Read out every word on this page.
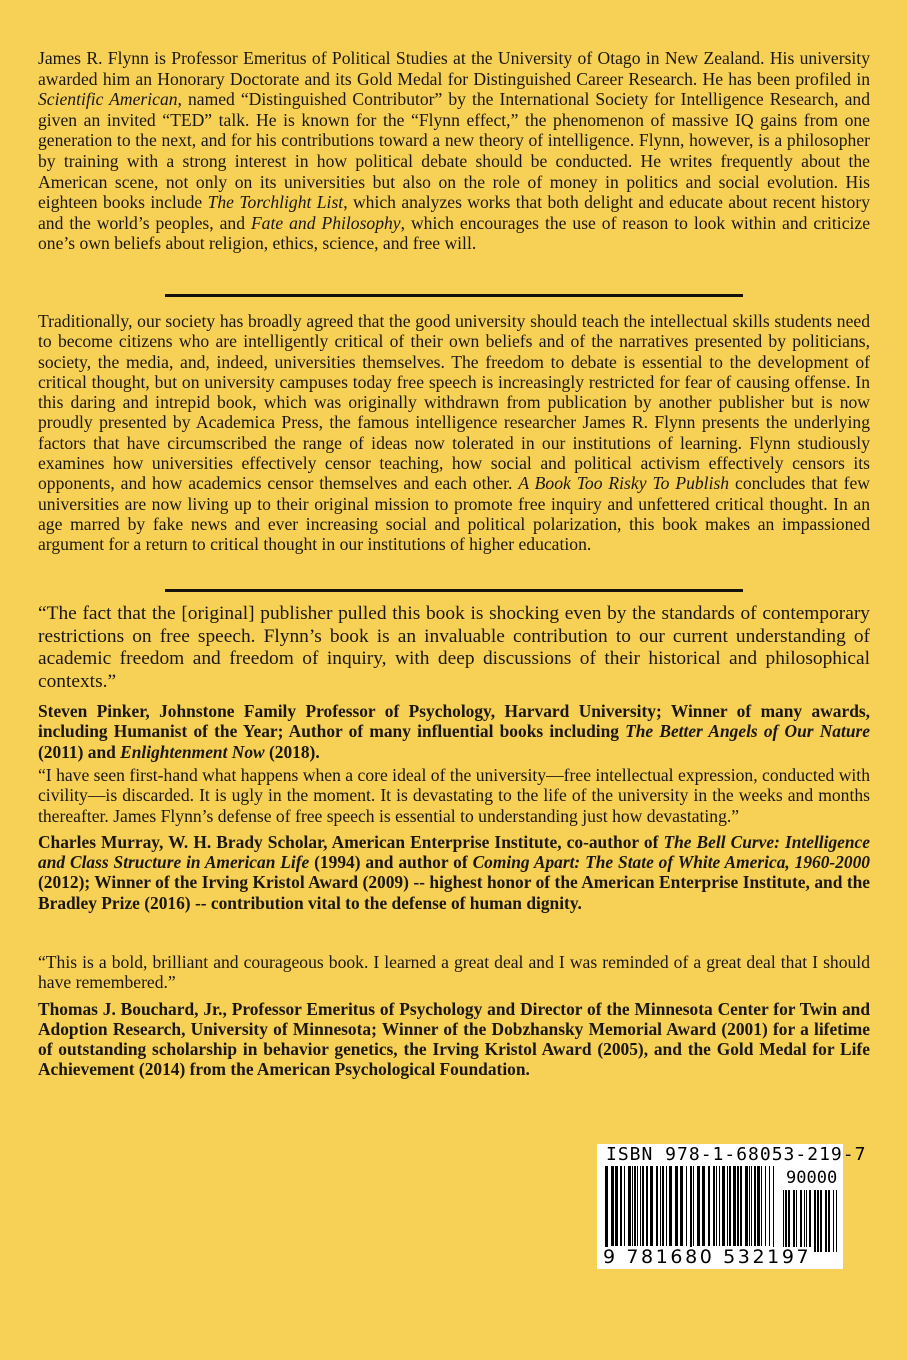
James R. Flynn is Professor Emeritus of Political Studies at the University of Otago in New Zealand. His university awarded him an Honorary Doctorate and its Gold Medal for Distinguished Career Research. He has been profiled in Scientific American, named “Distinguished Contributor” by the International Society for Intelligence Research, and given an invited “TED” talk. He is known for the “Flynn effect,” the phenomenon of massive IQ gains from one generation to the next, and for his contributions toward a new theory of intelligence. Flynn, however, is a philosopher by training with a strong interest in how political debate should be conducted. He writes frequently about the American scene, not only on its universities but also on the role of money in politics and social evolution. His eighteen books include The Torchlight List, which analyzes works that both delight and educate about recent history and the world’s peoples, and Fate and Philosophy, which encourages the use of reason to look within and criticize one’s own beliefs about religion, ethics, science, and free will.
Traditionally, our society has broadly agreed that the good university should teach the intellectual skills students need to become citizens who are intelligently critical of their own beliefs and of the narratives presented by politicians, society, the media, and, indeed, universities themselves. The freedom to debate is essential to the development of critical thought, but on university campuses today free speech is increasingly restricted for fear of causing offense. In this daring and intrepid book, which was originally withdrawn from publication by another publisher but is now proudly presented by Academica Press, the famous intelligence researcher James R. Flynn presents the underlying factors that have circumscribed the range of ideas now tolerated in our institutions of learning. Flynn studiously examines how universities effectively censor teaching, how social and political activism effectively censors its opponents, and how academics censor themselves and each other. A Book Too Risky To Publish concludes that few universities are now living up to their original mission to promote free inquiry and unfettered critical thought. In an age marred by fake news and ever increasing social and political polarization, this book makes an impassioned argument for a return to critical thought in our institutions of higher education.

“The fact that the [original] publisher pulled this book is shocking even by the standards of contemporary restrictions on free speech. Flynn’s book is an invaluable contribution to our current understanding of academic freedom and freedom of inquiry, with deep discussions of their historical and philosophical contexts.”

Steven Pinker, Johnstone Family Professor of Psychology, Harvard University; Winner of many awards, including Humanist of the Year; Author of many influential books including The Better Angels of Our Nature (2011) and Enlightenment Now (2018).

“I have seen first-hand what happens when a core ideal of the university—free intellectual expression, conducted with civility—is discarded. It is ugly in the moment. It is devastating to the life of the university in the weeks and months thereafter. James Flynn’s defense of free speech is essential to understanding just how devastating.”

Charles Murray, W. H. Brady Scholar, American Enterprise Institute, co-author of The Bell Curve: Intelligence and Class Structure in American Life (1994) and author of Coming Apart: The State of White America, 1960-2000 (2012); Winner of the Irving Kristol Award (2009) -- highest honor of the American Enterprise Institute, and the Bradley Prize (2016) -- contribution vital to the defense of human dignity.

“This is a bold, brilliant and courageous book. I learned a great deal and I was reminded of a great deal that I should have remembered.”

Thomas J. Bouchard, Jr., Professor Emeritus of Psychology and Director of the Minnesota Center for Twin and Adoption Research, University of Minnesota; Winner of the Dobzhansky Memorial Award (2001) for a lifetime of outstanding scholarship in behavior genetics, the Irving Kristol Award (2005), and the Gold Medal for Life Achievement (2014) from the American Psychological Foundation.

ISBN 978-1-68053-219-7
90000
9 781680 532197
